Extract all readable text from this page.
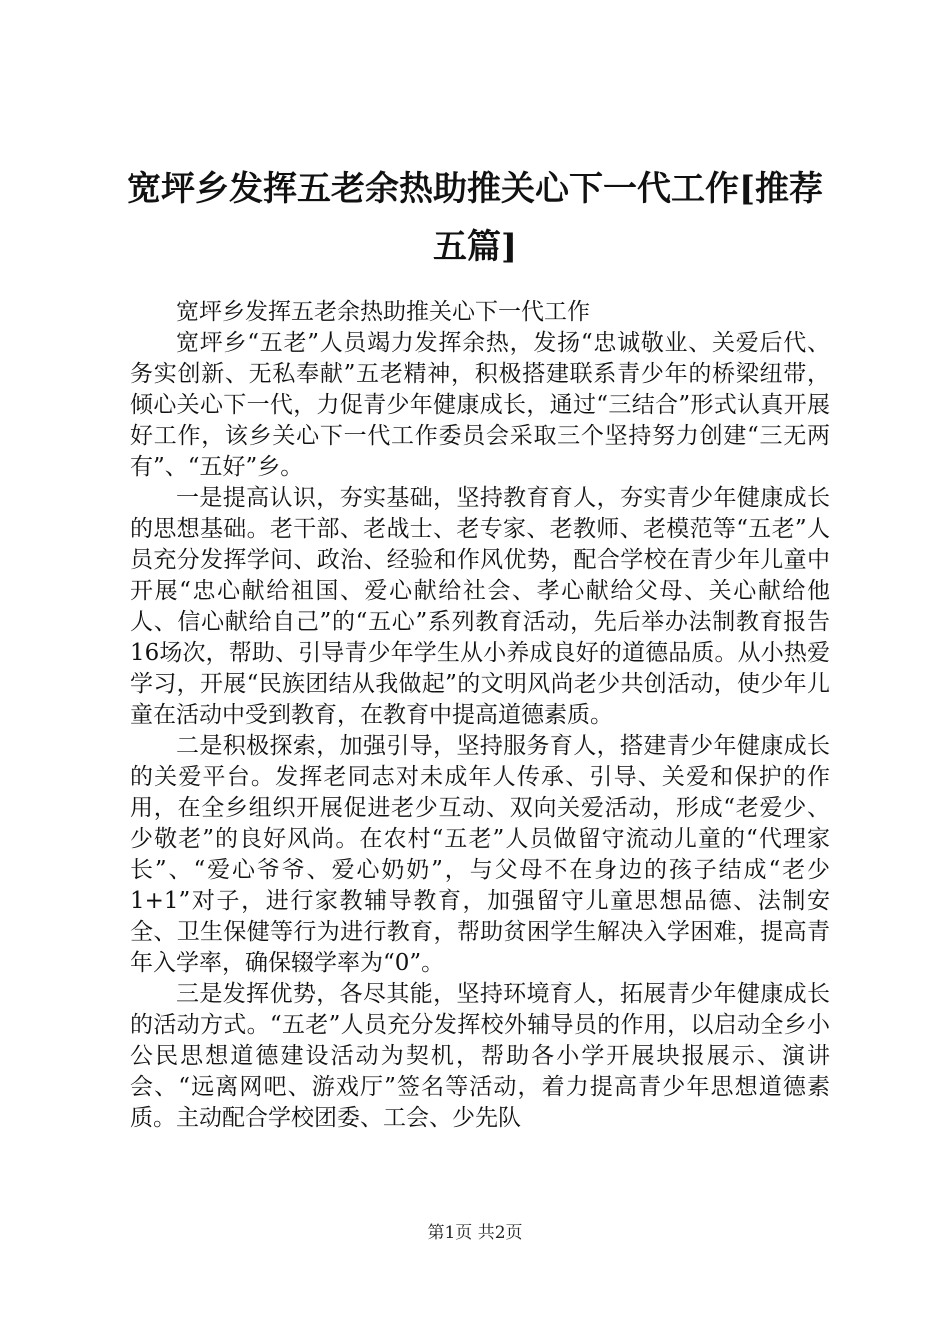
宽坪乡发挥五老余热助推关心下一代工作[推荐五篇]

宽坪乡发挥五老余热助推关心下一代工作

宽坪乡“五老”人员竭力发挥余热，发扬“忠诚敬业、关爱后代、务实创新、无私奉献”五老精神，积极搭建联系青少年的桥梁纽带，倾心关心下一代，力促青少年健康成长，通过“三结合”形式认真开展好工作，该乡关心下一代工作委员会采取三个坚持努力创建“三无两有”、“五好”乡。

一是提高认识，夯实基础，坚持教育育人，夯实青少年健康成长的思想基础。老干部、老战士、老专家、老教师、老模范等“五老”人员充分发挥学问、政治、经验和作风优势，配合学校在青少年儿童中开展“忠心献给祖国、爱心献给社会、孝心献给父母、关心献给他人、信心献给自己”的“五心”系列教育活动，先后举办法制教育报告16场次，帮助、引导青少年学生从小养成良好的道德品质。从小热爱学习，开展“民族团结从我做起”的文明风尚老少共创活动，使少年儿童在活动中受到教育，在教育中提高道德素质。

二是积极探索，加强引导，坚持服务育人，搭建青少年健康成长的关爱平台。发挥老同志对未成年人传承、引导、关爱和保护的作用，在全乡组织开展促进老少互动、双向关爱活动，形成“老爱少、少敬老”的良好风尚。在农村“五老”人员做留守流动儿童的“代理家长”、“爱心爷爷、爱心奶奶”，与父母不在身边的孩子结成“老少1+1”对子，进行家教辅导教育，加强留守儿童思想品德、法制安全、卫生保健等行为进行教育，帮助贫困学生解决入学困难，提高青年入学率，确保辍学率为“0”。

三是发挥优势，各尽其能，坚持环境育人，拓展青少年健康成长的活动方式。“五老”人员充分发挥校外辅导员的作用，以启动全乡小公民思想道德建设活动为契机，帮助各小学开展块报展示、演讲会、“远离网吧、游戏厅”签名等活动，着力提高青少年思想道德素质。主动配合学校团委、工会、少先队

第1页 共2页
